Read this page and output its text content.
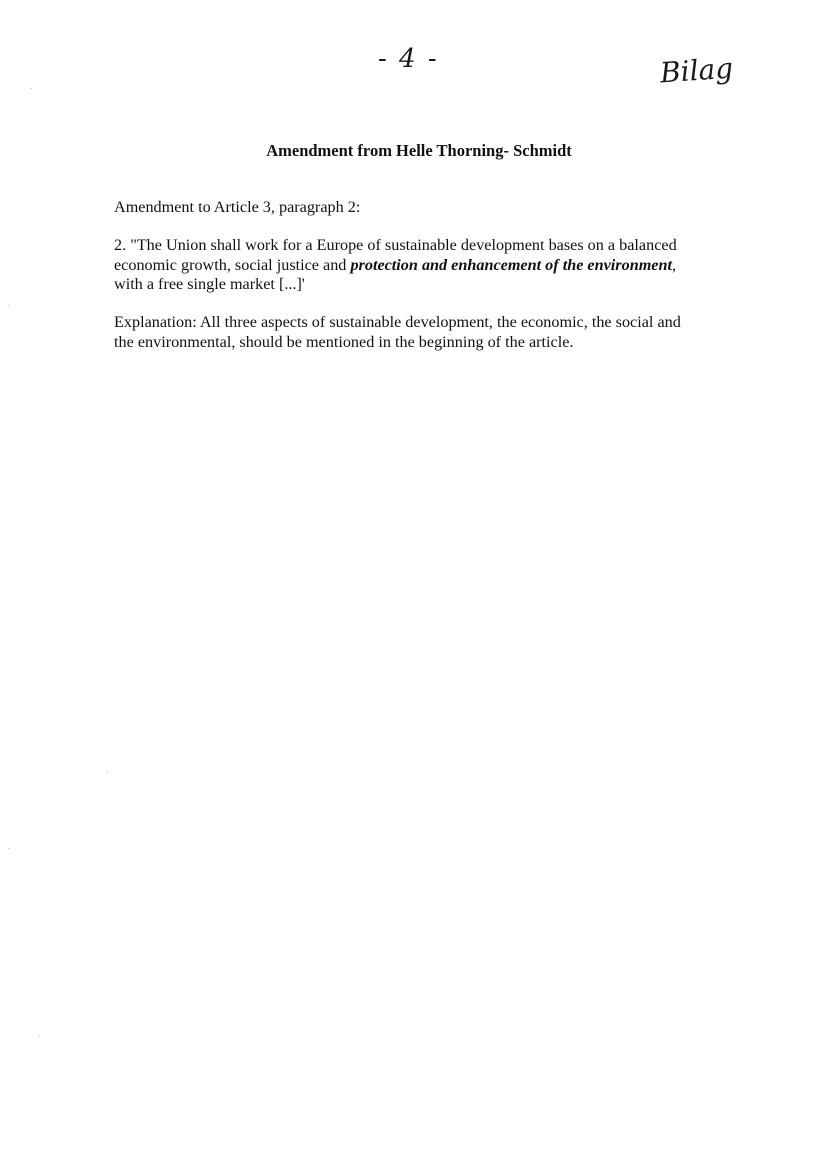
- 4 -	Bilag
Amendment from Helle Thorning- Schmidt
Amendment to Article 3, paragraph 2:
2. "The Union shall work for a Europe of sustainable development bases on a balanced
economic growth, social justice and protection and enhancement of the environment,
with a free single market [...]'
Explanation: All three aspects of sustainable development, the economic, the social and
the environmental, should be mentioned in the beginning of the article.
